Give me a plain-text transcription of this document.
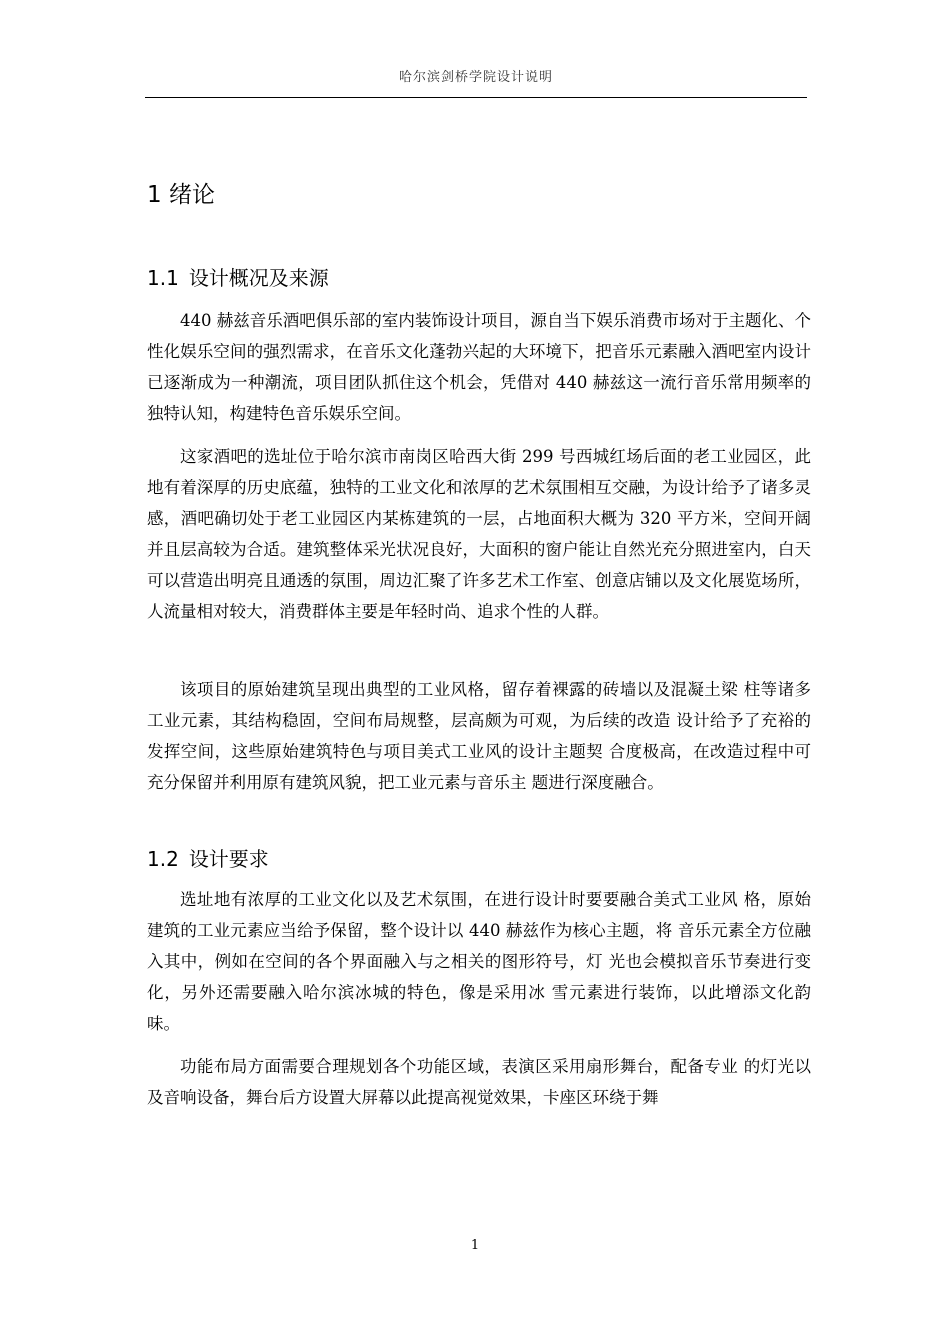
哈尔滨剑桥学院设计说明
1 绪论
1.1 设计概况及来源

440 赫兹音乐酒吧俱乐部的室内装饰设计项目，源自当下娱乐消费市场对于主题化、个性化娱乐空间的强烈需求，在音乐文化蓬勃兴起的大环境下，把音乐元素融入酒吧室内设计已逐渐成为一种潮流，项目团队抓住这个机会，凭借对 440 赫兹这一流行音乐常用频率的独特认知，构建特色音乐娱乐空间。

这家酒吧的选址位于哈尔滨市南岗区哈西大街 299 号西城红场后面的老工业园区，此地有着深厚的历史底蕴，独特的工业文化和浓厚的艺术氛围相互交融，为设计给予了诸多灵感，酒吧确切处于老工业园区内某栋建筑的一层，占地面积大概为 320 平方米，空间开阔并且层高较为合适。建筑整体采光状况良好，大面积的窗户能让自然光充分照进室内，白天可以营造出明亮且通透的氛围，周边汇聚了许多艺术工作室、创意店铺以及文化展览场所，人流量相对较大，消费群体主要是年轻时尚、追求个性的人群。

该项目的原始建筑呈现出典型的工业风格，留存着裸露的砖墙以及混凝土梁 柱等诸多工业元素，其结构稳固，空间布局规整，层高颇为可观，为后续的改造 设计给予了充裕的发挥空间，这些原始建筑特色与项目美式工业风的设计主题契 合度极高，在改造过程中可充分保留并利用原有建筑风貌，把工业元素与音乐主 题进行深度融合。

1.2 设计要求

选址地有浓厚的工业文化以及艺术氛围，在进行设计时要要融合美式工业风 格，原始建筑的工业元素应当给予保留，整个设计以 440 赫兹作为核心主题，将 音乐元素全方位融入其中，例如在空间的各个界面融入与之相关的图形符号，灯 光也会模拟音乐节奏进行变化，另外还需要融入哈尔滨冰城的特色，像是采用冰 雪元素进行装饰，以此增添文化韵味。

功能布局方面需要合理规划各个功能区域，表演区采用扇形舞台，配备专业 的灯光以及音响设备，舞台后方设置大屏幕以此提高视觉效果，卡座区环绕于舞

1
